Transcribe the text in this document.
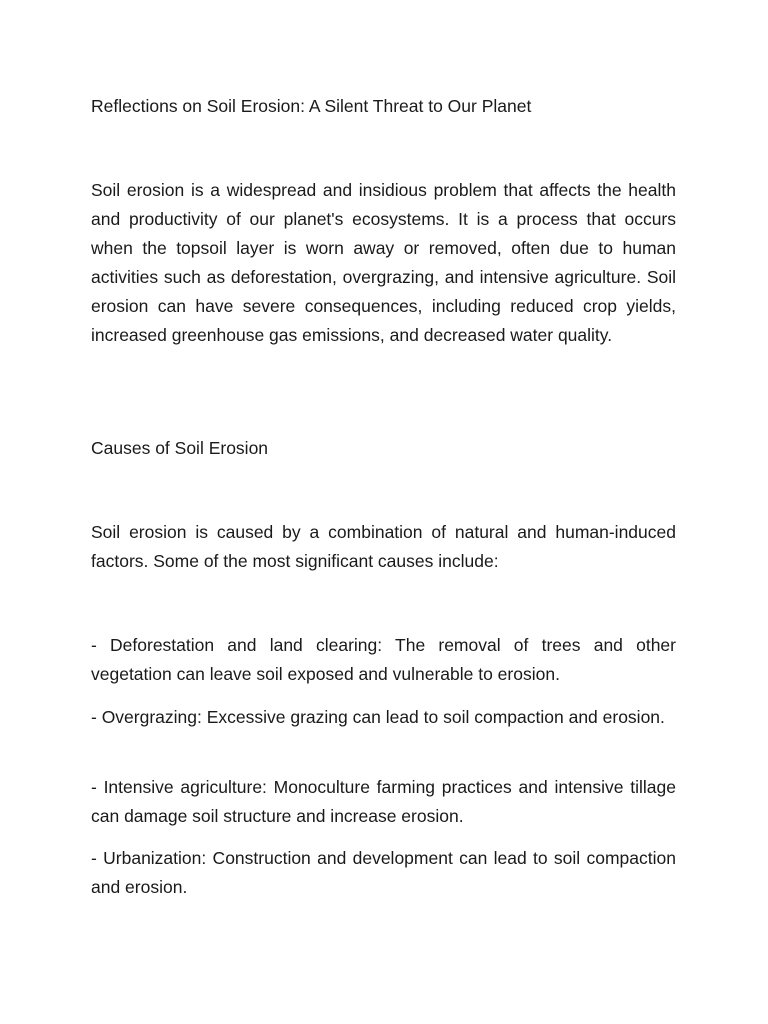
Reflections on Soil Erosion: A Silent Threat to Our Planet

Soil erosion is a widespread and insidious problem that affects the health and productivity of our planet's ecosystems. It is a process that occurs when the topsoil layer is worn away or removed, often due to human activities such as deforestation, overgrazing, and intensive agriculture. Soil erosion can have severe consequences, including reduced crop yields, increased greenhouse gas emissions, and decreased water quality.

Causes of Soil Erosion

Soil erosion is caused by a combination of natural and human-induced factors. Some of the most significant causes include:

- Deforestation and land clearing: The removal of trees and other vegetation can leave soil exposed and vulnerable to erosion.

- Overgrazing: Excessive grazing can lead to soil compaction and erosion.

- Intensive agriculture: Monoculture farming practices and intensive tillage can damage soil structure and increase erosion.

- Urbanization: Construction and development can lead to soil compaction and erosion.
